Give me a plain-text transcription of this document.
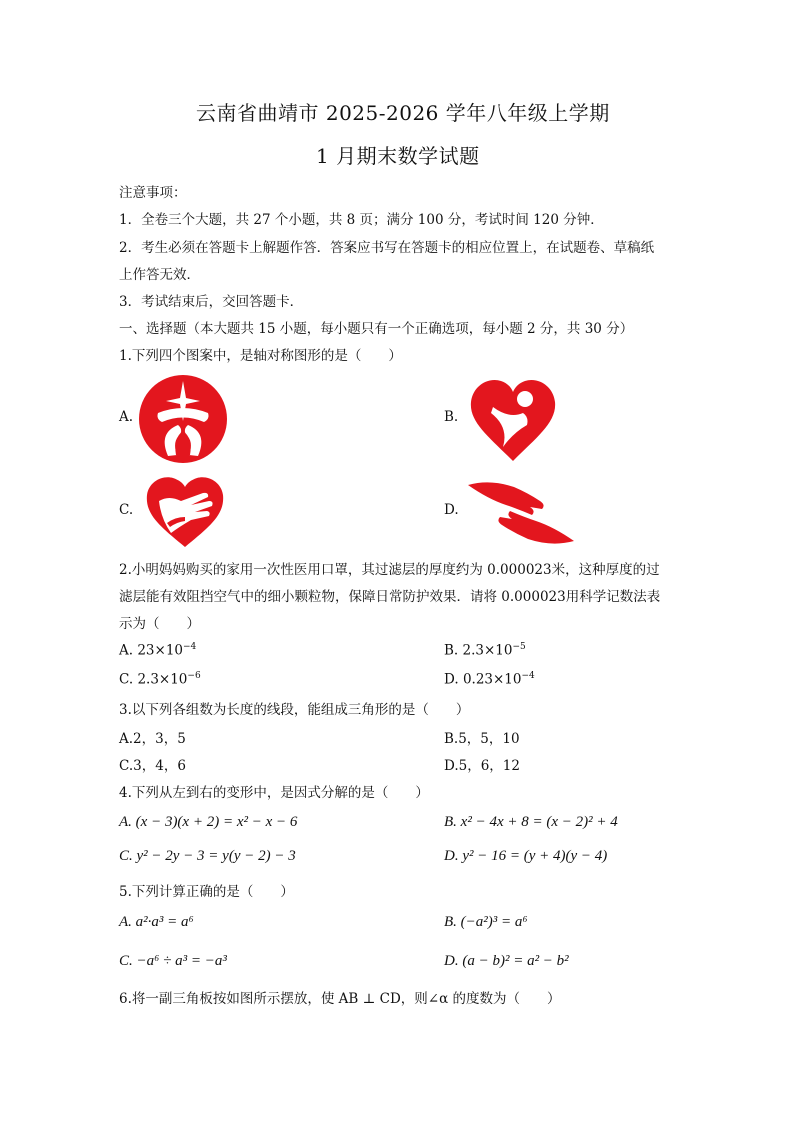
云南省曲靖市 2025-2026 学年八年级上学期
1 月期末数学试题
注意事项：
1．全卷三个大题，共 27 个小题，共 8 页；满分 100 分，考试时间 120 分钟．
2．考生必须在答题卡上解题作答．答案应书写在答题卡的相应位置上，在试题卷、草稿纸
上作答无效．
3．考试结束后，交回答题卡．
一、选择题（本大题共 15 小题，每小题只有一个正确选项，每小题 2 分，共 30 分）
1.下列四个图案中，是轴对称图形的是（　　）
A.	B.
C.	D.
2.小明妈妈购买的家用一次性医用口罩，其过滤层的厚度约为 0.000023米，这种厚度的过
滤层能有效阻挡空气中的细小颗粒物，保障日常防护效果．请将 0.000023用科学记数法表
示为（　　）
A. $23\times 10^{-4}$	B. $2.3\times 10^{-5}$
C. $2.3\times 10^{-6}$	D. $0.23\times 10^{-4}$
3.以下列各组数为长度的线段，能组成三角形的是（　　）
A.2，3，5	B.5，5，10
C.3，4，6	D.5，6，12
4.下列从左到右的变形中，是因式分解的是（　　）
A. (x − 3)(x + 2) = x² − x − 6	B. x² − 4x + 8 = (x − 2)² + 4
C. y² − 2y − 3 = y(y − 2) − 3	D. y² − 16 = (y + 4)(y − 4)
5.下列计算正确的是（　　）
A. a²·a³ = a⁶	B. (−a²)³ = a⁶
C. −a⁶ ÷ a³ = −a³	D. (a − b)² = a² − b²
6.将一副三角板按如图所示摆放，使 AB ⊥ CD，则∠α 的度数为（　　）
